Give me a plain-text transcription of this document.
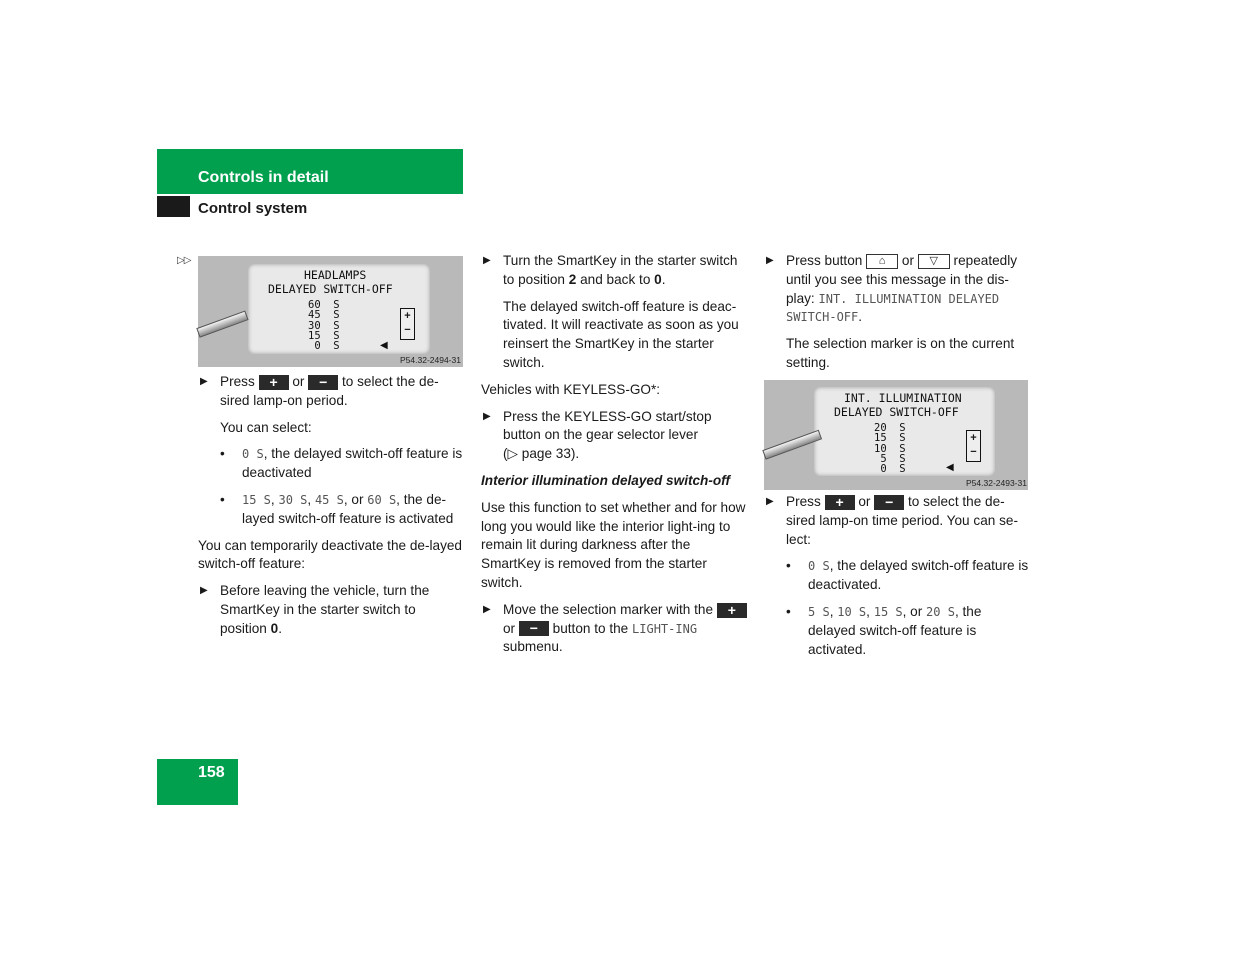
Controls in detail
Control system
▷▷
HEADLAMPS
DELAYED SWITCH-OFF
60  S
45  S
30  S
15  S
0  S
+
−
◀
P54.32-2494-31
▶ Press + or − to select the de-sired lamp-on period.
You can select:
• 0 S, the delayed switch-off feature is deactivated
• 15 S, 30 S, 45 S, or 60 S, the de-layed switch-off feature is activated

You can temporarily deactivate the de-layed switch-off feature:

▶ Before leaving the vehicle, turn the SmartKey in the starter switch to position 0.
▶ Turn the SmartKey in the starter switch to position 2 and back to 0.
The delayed switch-off feature is deac-tivated. It will reactivate as soon as you reinsert the SmartKey in the starter switch.

Vehicles with KEYLESS-GO*:

▶ Press the KEYLESS-GO start/stop button on the gear selector lever
(▷ page 33).

Interior illumination delayed switch-off

Use this function to set whether and for how long you would like the interior light-ing to remain lit during darkness after the SmartKey is removed from the starter switch.

▶ Move the selection marker with the + or − button to the LIGHT-ING submenu.
▶ Press button ⌂ or ▽ repeatedly until you see this message in the dis-play: INT. ILLUMINATION DELAYED SWITCH-OFF.
The selection marker is on the current setting.
INT. ILLUMINATION
DELAYED SWITCH-OFF
20  S
15  S
10  S
5  S
0  S
+
−
◀
P54.32-2493-31
▶ Press + or − to select the de-sired lamp-on time period. You can se-lect:
• 0 S, the delayed switch-off feature is deactivated.
• 5 S, 10 S, 15 S, or 20 S, the delayed switch-off feature is activated.
158
